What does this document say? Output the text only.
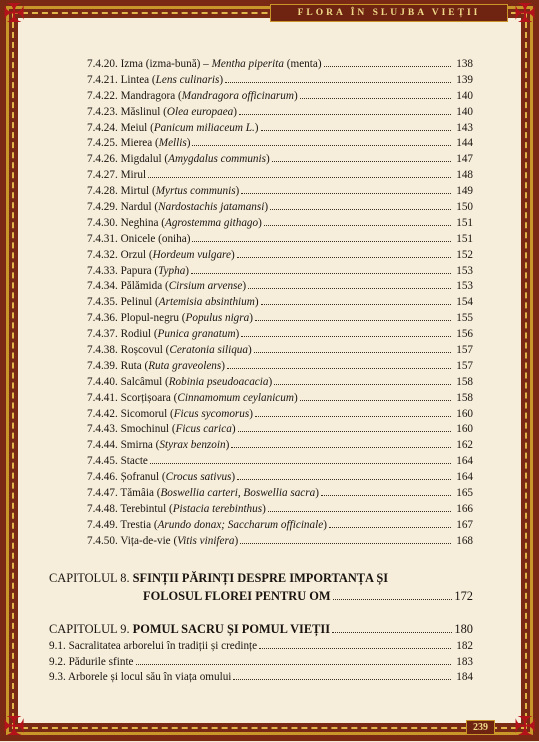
✠	✠
✠	✠
FLORA ÎN SLUJBA VIEȚII
7.4.20. Izma (izma-bună) – Mentha piperita (menta)	138
7.4.21. Lintea (Lens culinaris)	139
7.4.22. Mandragora (Mandragora officinarum)	140
7.4.23. Măslinul (Olea europaea)	140
7.4.24. Meiul (Panicum miliaceum L.)	143
7.4.25. Mierea (Mellis)	144
7.4.26. Migdalul (Amygdalus communis)	147
7.4.27. Mirul	148
7.4.28. Mirtul (Myrtus communis)	149
7.4.29. Nardul (Nardostachis jatamansi)	150
7.4.30. Neghina (Agrostemma githago)	151
7.4.31. Onicele (oniha)	151
7.4.32. Orzul (Hordeum vulgare)	152
7.4.33. Papura (Typha)	153
7.4.34. Pălămida (Cirsium arvense)	153
7.4.35. Pelinul (Artemisia absinthium)	154
7.4.36. Plopul-negru (Populus nigra)	155
7.4.37. Rodiul (Punica granatum)	156
7.4.38. Roșcovul (Ceratonia siliqua)	157
7.4.39. Ruta (Ruta graveolens)	157
7.4.40. Salcâmul (Robinia pseudoacacia)	158
7.4.41. Scorțișoara (Cinnamomum ceylanicum)	158
7.4.42. Sicomorul (Ficus sycomorus)	160
7.4.43. Smochinul (Ficus carica)	160
7.4.44. Smirna (Styrax benzoin)	162
7.4.45. Stacte	164
7.4.46. Șofranul (Crocus sativus)	164
7.4.47. Tămâia (Boswellia carteri, Boswellia sacra)	165
7.4.48. Terebintul (Pistacia terebinthus)	166
7.4.49. Trestia (Arundo donax; Saccharum officinale)	167
7.4.50. Vița-de-vie (Vitis vinifera)	168
CAPITOLUL 8. SFINȚII PĂRINȚI DESPRE IMPORTANȚA ȘI
FOLOSUL FLOREI PENTRU OM	172
CAPITOLUL 9.
POMUL SACRU ȘI POMUL VIEȚII	180
9.1. Sacralitatea arborelui în tradiții și credințe	182
9.2. Pădurile sfinte	183
9.3. Arborele și locul său în viața omului	184
239
